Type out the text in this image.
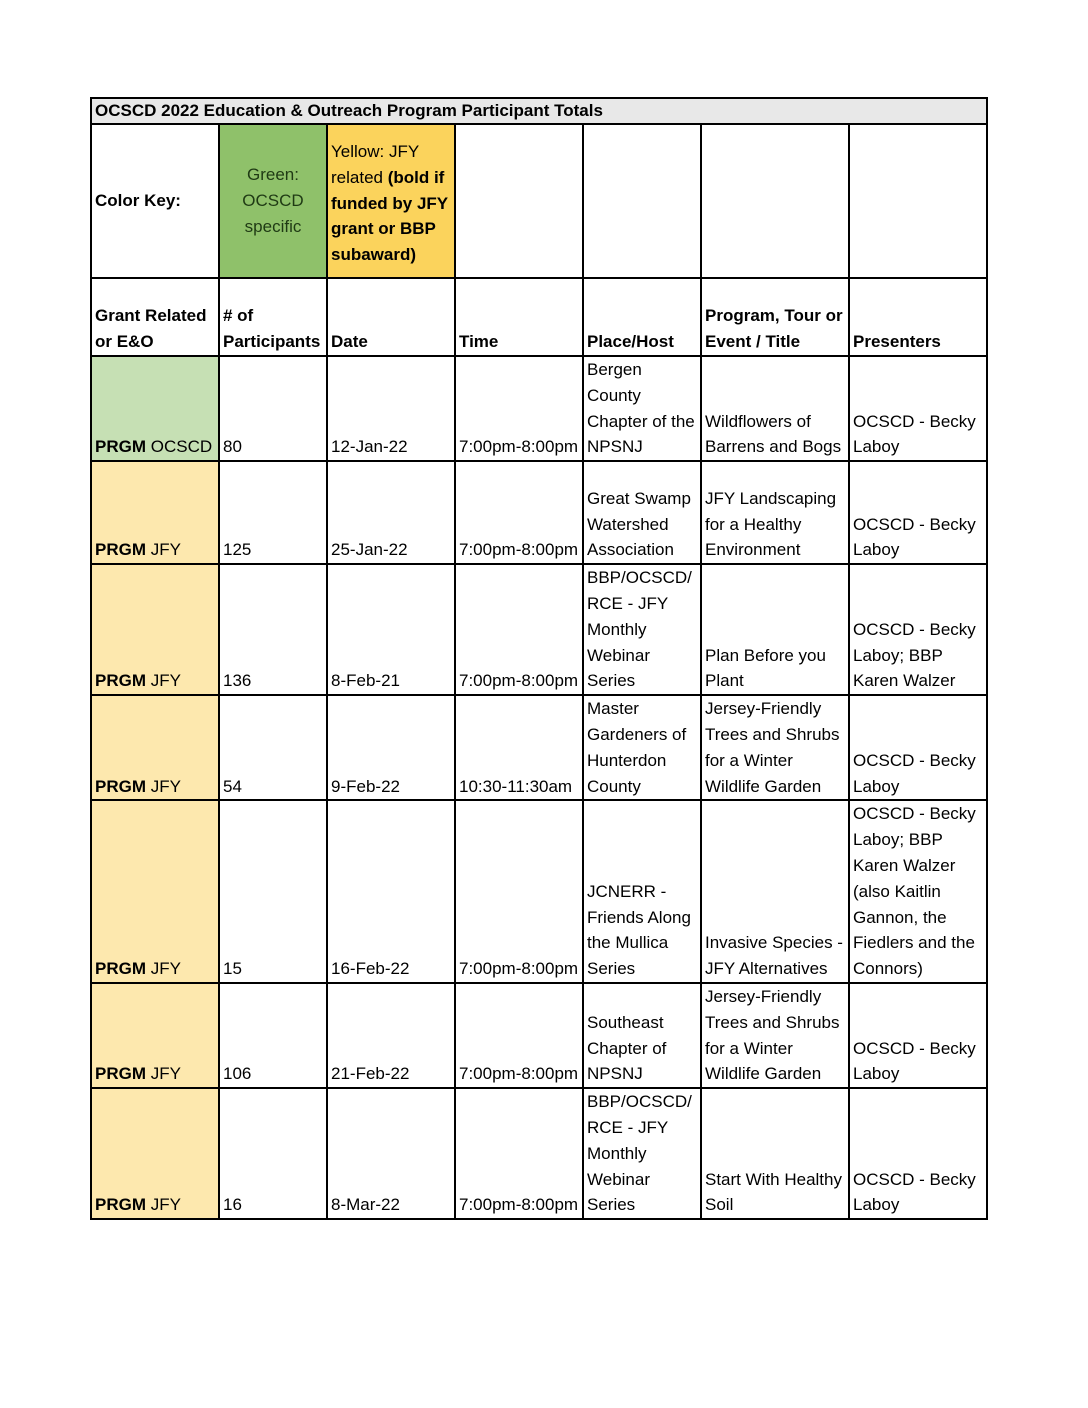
OCSCD 2022 Education & Outreach Program Participant Totals						
Color Key:	Green: OCSCD specific	Yellow: JFY related (bold if funded by JFY grant or BBP subaward)				
Grant Related or E&O	# of Participants	Date	Time	Place/Host	Program, Tour or Event / Title	Presenters
PRGM OCSCD	80	12-Jan-22	7:00pm-8:00pm	Bergen County Chapter of the NPSNJ	Wildflowers of Barrens and Bogs	OCSCD - Becky Laboy
PRGM JFY	125	25-Jan-22	7:00pm-8:00pm	Great Swamp Watershed Association	JFY Landscaping for a Healthy Environment	OCSCD - Becky Laboy
PRGM JFY	136	8-Feb-21	7:00pm-8:00pm	BBP/OCSCD/ RCE - JFY Monthly Webinar Series	Plan Before you Plant	OCSCD - Becky Laboy; BBP Karen Walzer
PRGM JFY	54	9-Feb-22	10:30-11:30am	Master Gardeners of Hunterdon County	Jersey-Friendly Trees and Shrubs for a Winter Wildlife Garden	OCSCD - Becky Laboy
PRGM JFY	15	16-Feb-22	7:00pm-8:00pm	JCNERR - Friends Along the Mullica Series	Invasive Species - JFY Alternatives	OCSCD - Becky Laboy; BBP Karen Walzer (also Kaitlin Gannon, the Fiedlers and the Connors)
PRGM JFY	106	21-Feb-22	7:00pm-8:00pm	Southeast Chapter of NPSNJ	Jersey-Friendly Trees and Shrubs for a Winter Wildlife Garden	OCSCD - Becky Laboy
PRGM JFY	16	8-Mar-22	7:00pm-8:00pm	BBP/OCSCD/ RCE - JFY Monthly Webinar Series	Start With Healthy Soil	OCSCD - Becky Laboy
